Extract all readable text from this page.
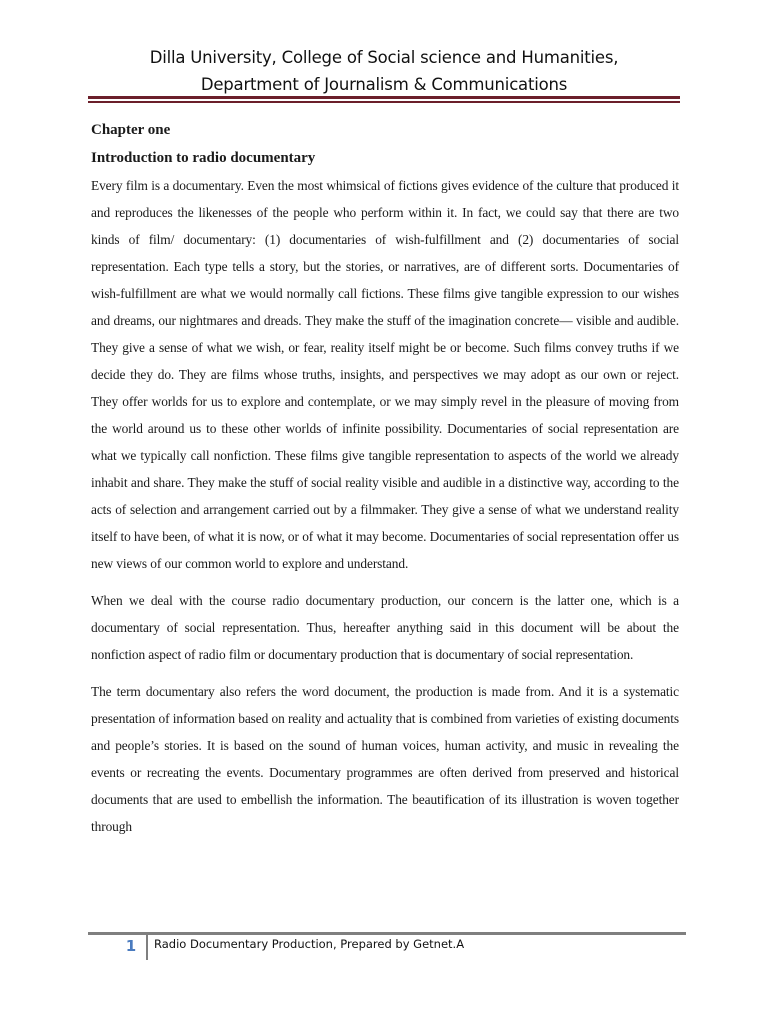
Dilla University, College of Social science and Humanities,
Department of Journalism & Communications
Chapter one
Introduction to radio documentary

Every film is a documentary. Even the most whimsical of fictions gives evidence of the culture that produced it and reproduces the likenesses of the people who perform within it. In fact, we could say that there are two kinds of film/ documentary: (1) documentaries of wish-fulfillment and (2) documentaries of social representation. Each type tells a story, but the stories, or narratives, are of different sorts. Documentaries of wish-fulfillment are what we would normally call fictions. These films give tangible expression to our wishes and dreams, our nightmares and dreads. They make the stuff of the imagination concrete— visible and audible. They give a sense of what we wish, or fear, reality itself might be or become. Such films convey truths if we decide they do. They are films whose truths, insights, and perspectives we may adopt as our own or reject. They offer worlds for us to explore and contemplate, or we may simply revel in the pleasure of moving from the world around us to these other worlds of infinite possibility. Documentaries of social representation are what we typically call nonfiction. These films give tangible representation to aspects of the world we already inhabit and share. They make the stuff of social reality visible and audible in a distinctive way, according to the acts of selection and arrangement carried out by a filmmaker. They give a sense of what we understand reality itself to have been, of what it is now, or of what it may become. Documentaries of social representation offer us new views of our common world to explore and understand.

When we deal with the course radio documentary production, our concern is the latter one, which is a documentary of social representation. Thus, hereafter anything said in this document will be about the nonfiction aspect of radio film or documentary production that is documentary of social representation.

The term documentary also refers the word document, the production is made from. And it is a systematic presentation of information based on reality and actuality that is combined from varieties of existing documents and people’s stories. It is based on the sound of human voices, human activity, and music in revealing the events or recreating the events. Documentary programmes are often derived from preserved and historical documents that are used to embellish the information. The beautification of its illustration is woven together through

1	Radio Documentary Production, Prepared by Getnet.A
